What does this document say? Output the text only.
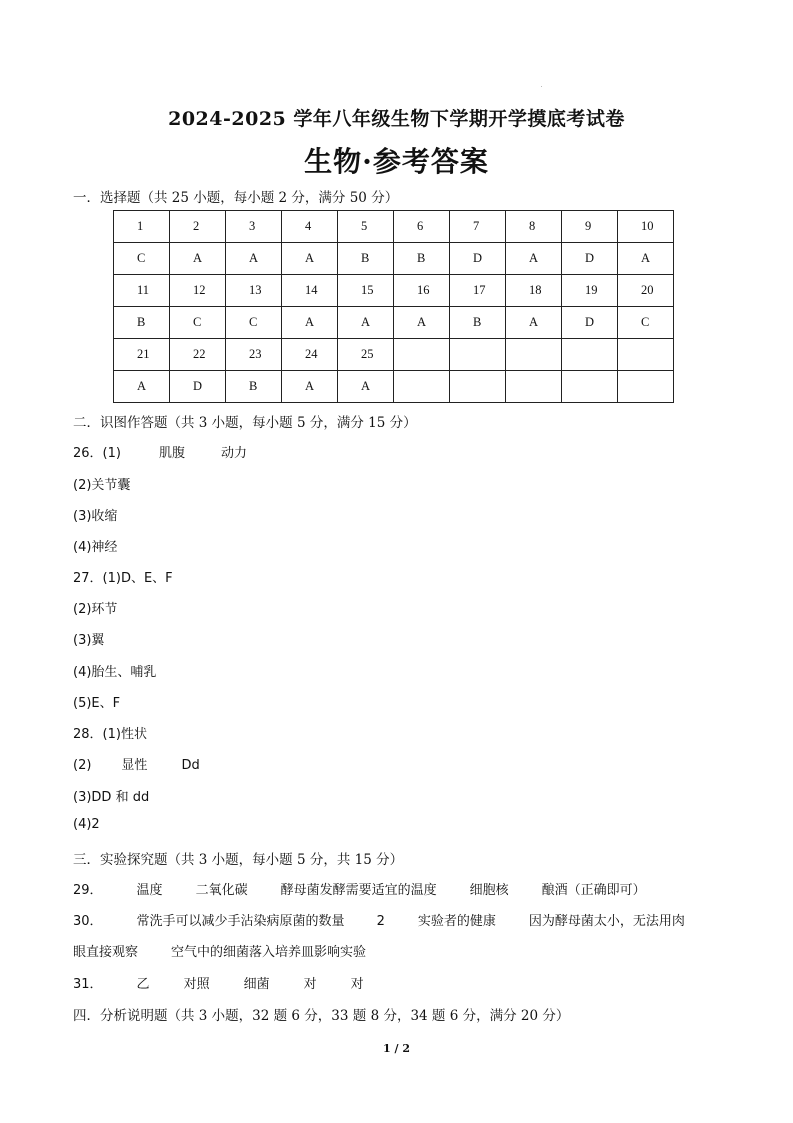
2024-2025 学年八年级生物下学期开学摸底考试卷
生物·参考答案
一．选择题（共 25 小题，每小题 2 分，满分 50 分）
1	2	3	4	5	6	7	8	9	10
C	A	A	A	B	B	D	A	D	A
11	12	13	14	15	16	17	18	19	20
B	C	C	A	A	A	B	A	D	C
21	22	23	24	25					
A	D	B	A	A					
二．识图作答题（共 3 小题，每小题 5 分，满分 15 分）
26．(1)	肌腹	动力
(2)关节囊
(3)收缩
(4)神经
27．(1)D、E、F
(2)环节
(3)翼
(4)胎生、哺乳
(5)E、F
28．(1)性状
(2) 显性	Dd
(3)DD 和 dd
(4)2
三．实验探究题（共 3 小题，每小题 5 分，共 15 分）
29．	温度	二氧化碳	酵母菌发酵需要适宜的温度	细胞核	酿酒（正确即可）
30．	常洗手可以减少手沾染病原菌的数量 2	实验者的健康	因为酵母菌太小，无法用肉
眼直接观察	空气中的细菌落入培养皿影响实验
31．	乙	对照	细菌	对	对
四．分析说明题（共 3 小题，32 题 6 分，33 题 8 分，34 题 6 分，满分 20 分）
1 / 2
